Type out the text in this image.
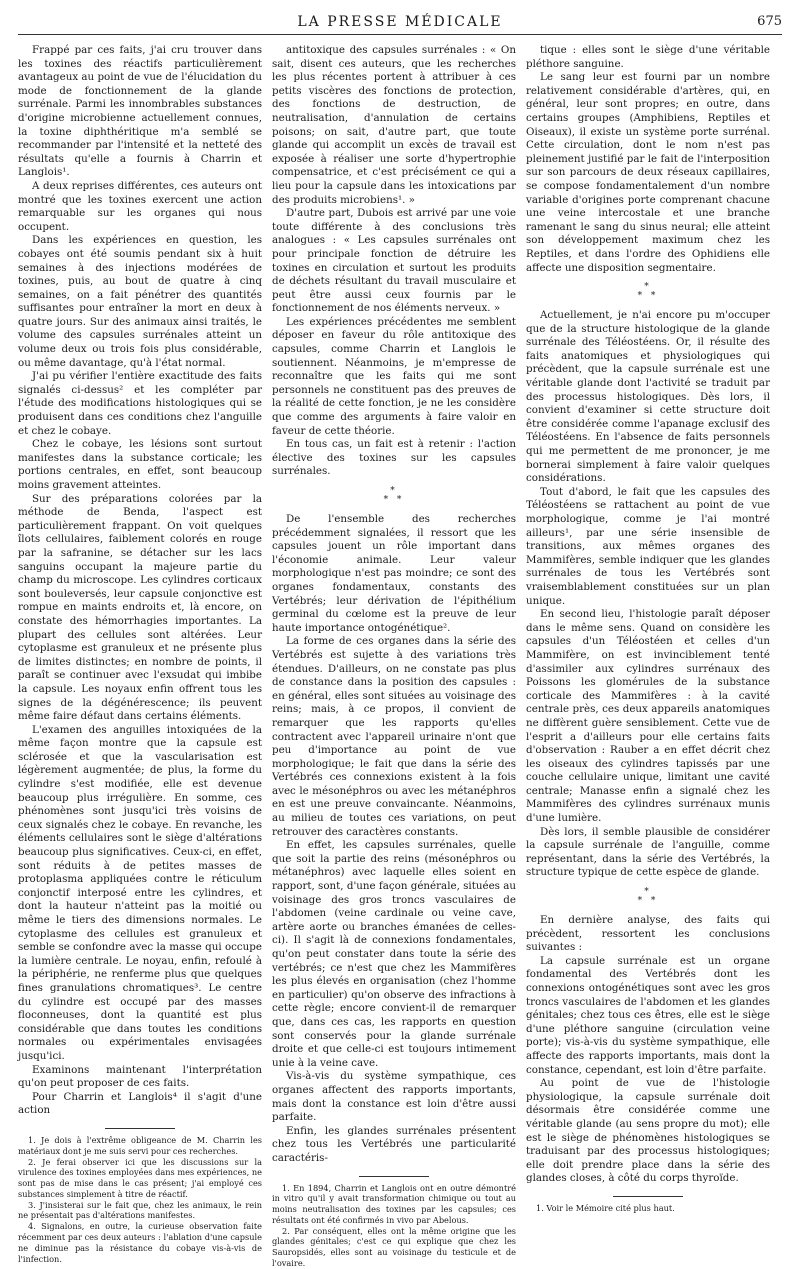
LA PRESSE MÉDICALE	675

Frappé par ces faits, j'ai cru trouver dans les toxines des réactifs particulièrement avantageux au point de vue de l'élucidation du mode de fonctionnement de la glande surrénale. Parmi les innombrables substances d'origine microbienne actuellement connues, la toxine diphthéritique m'a semblé se recommander par l'intensité et la netteté des résultats qu'elle a fournis à Charrin et Langlois¹.

A deux reprises différentes, ces auteurs ont montré que les toxines exercent une action remarquable sur les organes qui nous occupent.

Dans les expériences en question, les cobayes ont été soumis pendant six à huit semaines à des injections modérées de toxines, puis, au bout de quatre à cinq semaines, on a fait pénétrer des quantités suffisantes pour entraîner la mort en deux à quatre jours. Sur des animaux ainsi traités, le volume des capsules surrénales atteint un volume deux ou trois fois plus considérable, ou même davantage, qu'à l'état normal.

J'ai pu vérifier l'entière exactitude des faits signalés ci-dessus² et les compléter par l'étude des modifications histologiques qui se produisent dans ces conditions chez l'anguille et chez le cobaye.

Chez le cobaye, les lésions sont surtout manifestes dans la substance corticale; les portions centrales, en effet, sont beaucoup moins gravement atteintes.

Sur des préparations colorées par la méthode de Benda, l'aspect est particulièrement frappant. On voit quelques îlots cellulaires, faiblement colorés en rouge par la safranine, se détacher sur les lacs sanguins occupant la majeure partie du champ du microscope. Les cylindres corticaux sont bouleversés, leur capsule conjonctive est rompue en maints endroits et, là encore, on constate des hémorrhagies importantes. La plupart des cellules sont altérées. Leur cytoplasme est granuleux et ne présente plus de limites distinctes; en nombre de points, il paraît se continuer avec l'exsudat qui imbibe la capsule. Les noyaux enfin offrent tous les signes de la dégénérescence; ils peuvent même faire défaut dans certains éléments.

L'examen des anguilles intoxiquées de la même façon montre que la capsule est sclérosée et que la vascularisation est légèrement augmentée; de plus, la forme du cylindre s'est modifiée, elle est devenue beaucoup plus irrégulière. En somme, ces phénomènes sont jusqu'ici très voisins de ceux signalés chez le cobaye. En revanche, les éléments cellulaires sont le siège d'altérations beaucoup plus significatives. Ceux-ci, en effet, sont réduits à de petites masses de protoplasma appliquées contre le réticulum conjonctif interposé entre les cylindres, et dont la hauteur n'atteint pas la moitié ou même le tiers des dimensions normales. Le cytoplasme des cellules est granuleux et semble se confondre avec la masse qui occupe la lumière centrale. Le noyau, enfin, refoulé à la périphérie, ne renferme plus que quelques fines granulations chromatiques³. Le centre du cylindre est occupé par des masses floconneuses, dont la quantité est plus considérable que dans toutes les conditions normales ou expérimentales envisagées jusqu'ici.

Examinons maintenant l'interprétation qu'on peut proposer de ces faits.

Pour Charrin et Langlois⁴ il s'agit d'une action

1. Je dois à l'extrême obligeance de M. Charrin les matériaux dont je me suis servi pour ces recherches.

2. Je ferai observer ici que les discussions sur la virulence des toxines employées dans mes expériences, ne sont pas de mise dans le cas présent; j'ai employé ces substances simplement à titre de réactif.

3. J'insisterai sur le fait que, chez les animaux, le rein ne présentait pas d'altérations manifestes.

4. Signalons, en outre, la curieuse observation faite récemment par ces deux auteurs : l'ablation d'une capsule ne diminue pas la résistance du cobaye vis-à-vis de l'infection.

antitoxique des capsules surrénales : « On sait, disent ces auteurs, que les recherches les plus récentes portent à attribuer à ces petits viscères des fonctions de protection, des fonctions de destruction, de neutralisation, d'annulation de certains poisons; on sait, d'autre part, que toute glande qui accomplit un excès de travail est exposée à réaliser une sorte d'hypertrophie compensatrice, et c'est précisément ce qui a lieu pour la capsule dans les intoxications par des produits microbiens¹. »

D'autre part, Dubois est arrivé par une voie toute différente à des conclusions très analogues : « Les capsules surrénales ont pour principale fonction de détruire les toxines en circulation et surtout les produits de déchets résultant du travail musculaire et peut être aussi ceux fournis par le fonctionnement de nos éléments nerveux. »

Les expériences précédentes me semblent déposer en faveur du rôle antitoxique des capsules, comme Charrin et Langlois le soutiennent. Néanmoins, je m'empresse de reconnaître que les faits qui me sont personnels ne constituent pas des preuves de la réalité de cette fonction, je ne les considère que comme des arguments à faire valoir en faveur de cette théorie.

En tous cas, un fait est à retenir : l'action élective des toxines sur les capsules surrénales.

*
* *

De l'ensemble des recherches précédemment signalées, il ressort que les capsules jouent un rôle important dans l'économie animale. Leur valeur morphologique n'est pas moindre; ce sont des organes fondamentaux, constants des Vertébrés; leur dérivation de l'épithélium germinal du cœlome est la preuve de leur haute importance ontogénétique².

La forme de ces organes dans la série des Vertébrés est sujette à des variations très étendues. D'ailleurs, on ne constate pas plus de constance dans la position des capsules : en général, elles sont situées au voisinage des reins; mais, à ce propos, il convient de remarquer que les rapports qu'elles contractent avec l'appareil urinaire n'ont que peu d'importance au point de vue morphologique; le fait que dans la série des Vertébrés ces connexions existent à la fois avec le mésonéphros ou avec les métanéphros en est une preuve convaincante. Néanmoins, au milieu de toutes ces variations, on peut retrouver des caractères constants.

En effet, les capsules surrénales, quelle que soit la partie des reins (mésonéphros ou métanéphros) avec laquelle elles soient en rapport, sont, d'une façon générale, situées au voisinage des gros troncs vasculaires de l'abdomen (veine cardinale ou veine cave, artère aorte ou branches émanées de celles-ci). Il s'agit là de connexions fondamentales, qu'on peut constater dans toute la série des vertébrés; ce n'est que chez les Mammifères les plus élevés en organisation (chez l'homme en particulier) qu'on observe des infractions à cette règle; encore convient-il de remarquer que, dans ces cas, les rapports en question sont conservés pour la glande surrénale droite et que celle-ci est toujours intimement unie à la veine cave.

Vis-à-vis du système sympathique, ces organes affectent des rapports importants, mais dont la constance est loin d'être aussi parfaite.

Enfin, les glandes surrénales présentent chez tous les Vertébrés une particularité caractéris-

1. En 1894, Charrin et Langlois ont en outre démontré in vitro qu'il y avait transformation chimique ou tout au moins neutralisation des toxines par les capsules; ces résultats ont été confirmés in vivo par Abelous.

2. Par conséquent, elles ont la même origine que les glandes génitales; c'est ce qui explique que chez les Sauropsidés, elles sont au voisinage du testicule et de l'ovaire.

tique : elles sont le siège d'une véritable pléthore sanguine.

Le sang leur est fourni par un nombre relativement considérable d'artères, qui, en général, leur sont propres; en outre, dans certains groupes (Amphibiens, Reptiles et Oiseaux), il existe un système porte surrénal. Cette circulation, dont le nom n'est pas pleinement justifié par le fait de l'interposition sur son parcours de deux réseaux capillaires, se compose fondamentalement d'un nombre variable d'origines porte comprenant chacune une veine intercostale et une branche ramenant le sang du sinus neural; elle atteint son développement maximum chez les Reptiles, et dans l'ordre des Ophidiens elle affecte une disposition segmentaire.

*
* *

Actuellement, je n'ai encore pu m'occuper que de la structure histologique de la glande surrénale des Téléostéens. Or, il résulte des faits anatomiques et physiologiques qui précèdent, que la capsule surrénale est une véritable glande dont l'activité se traduit par des processus histologiques. Dès lors, il convient d'examiner si cette structure doit être considérée comme l'apanage exclusif des Téléostéens. En l'absence de faits personnels qui me permettent de me prononcer, je me bornerai simplement à faire valoir quelques considérations.

Tout d'abord, le fait que les capsules des Téléostéens se rattachent au point de vue morphologique, comme je l'ai montré ailleurs¹, par une série insensible de transitions, aux mêmes organes des Mammifères, semble indiquer que les glandes surrénales de tous les Vertébrés sont vraisemblablement constituées sur un plan unique.

En second lieu, l'histologie paraît déposer dans le même sens. Quand on considère les capsules d'un Téléostéen et celles d'un Mammifère, on est invinciblement tenté d'assimiler aux cylindres surrénaux des Poissons les glomérules de la substance corticale des Mammifères : à la cavité centrale près, ces deux appareils anatomiques ne diffèrent guère sensiblement. Cette vue de l'esprit a d'ailleurs pour elle certains faits d'observation : Rauber a en effet décrit chez les oiseaux des cylindres tapissés par une couche cellulaire unique, limitant une cavité centrale; Manasse enfin a signalé chez les Mammifères des cylindres surrénaux munis d'une lumière.

Dès lors, il semble plausible de considérer la capsule surrénale de l'anguille, comme représentant, dans la série des Vertébrés, la structure typique de cette espèce de glande.

*
* *

En dernière analyse, des faits qui précèdent, ressortent les conclusions suivantes :

La capsule surrénale est un organe fondamental des Vertébrés dont les connexions ontogénétiques sont avec les gros troncs vasculaires de l'abdomen et les glandes génitales; chez tous ces êtres, elle est le siège d'une pléthore sanguine (circulation veine porte); vis-à-vis du système sympathique, elle affecte des rapports importants, mais dont la constance, cependant, est loin d'être parfaite.

Au point de vue de l'histologie physiologique, la capsule surrénale doit désormais être considérée comme une véritable glande (au sens propre du mot); elle est le siège de phénomènes histologiques se traduisant par des processus histologiques; elle doit prendre place dans la série des glandes closes, à côté du corps thyroïde.

1. Voir le Mémoire cité plus haut.
